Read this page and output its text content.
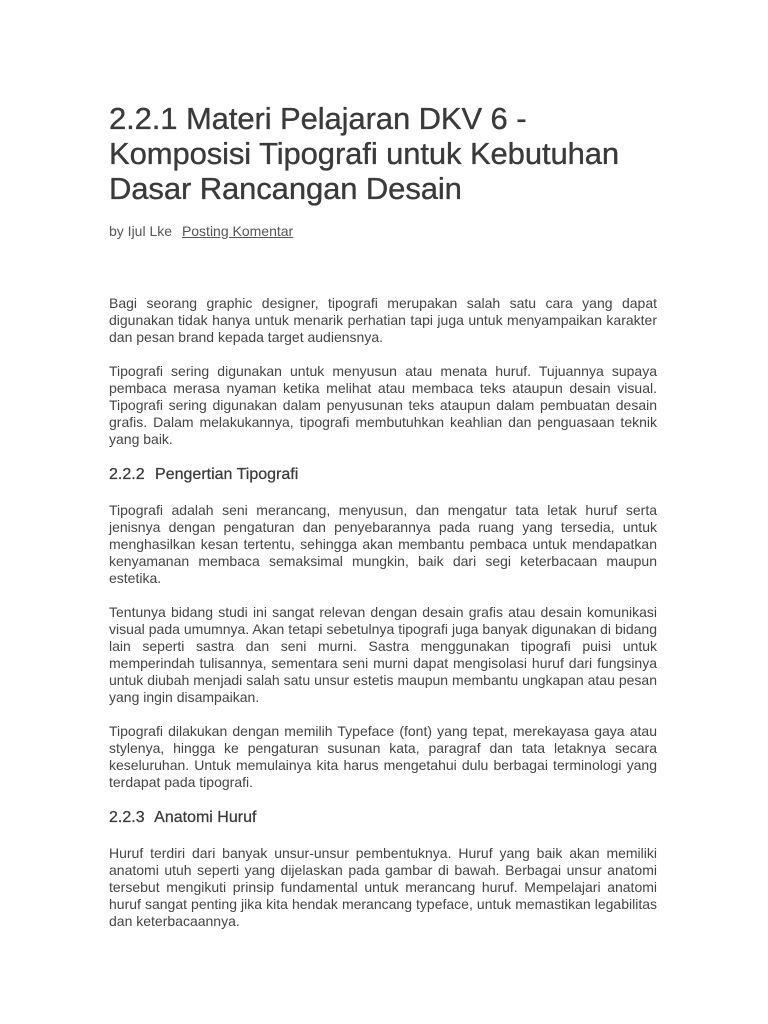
2.2.1 Materi Pelajaran DKV 6 - Komposisi Tipografi untuk Kebutuhan Dasar Rancangan Desain
by Ijul Lke Posting Komentar

Bagi seorang graphic designer, tipografi merupakan salah satu cara yang dapat digunakan tidak hanya untuk menarik perhatian tapi juga untuk menyampaikan karakter dan pesan brand kepada target audiensnya.

Tipografi sering digunakan untuk menyusun atau menata huruf. Tujuannya supaya pembaca merasa nyaman ketika melihat atau membaca teks ataupun desain visual. Tipografi sering digunakan dalam penyusunan teks ataupun dalam pembuatan desain grafis. Dalam melakukannya, tipografi membutuhkan keahlian dan penguasaan teknik yang baik.

2.2.2 Pengertian Tipografi

Tipografi adalah seni merancang, menyusun, dan mengatur tata letak huruf serta jenisnya dengan pengaturan dan penyebarannya pada ruang yang tersedia, untuk menghasilkan kesan tertentu, sehingga akan membantu pembaca untuk mendapatkan kenyamanan membaca semaksimal mungkin, baik dari segi keterbacaan maupun estetika.

Tentunya bidang studi ini sangat relevan dengan desain grafis atau desain komunikasi visual pada umumnya. Akan tetapi sebetulnya tipografi juga banyak digunakan di bidang lain seperti sastra dan seni murni. Sastra menggunakan tipografi puisi untuk memperindah tulisannya, sementara seni murni dapat mengisolasi huruf dari fungsinya untuk diubah menjadi salah satu unsur estetis maupun membantu ungkapan atau pesan yang ingin disampaikan.

Tipografi dilakukan dengan memilih Typeface (font) yang tepat, merekayasa gaya atau stylenya, hingga ke pengaturan susunan kata, paragraf dan tata letaknya secara keseluruhan. Untuk memulainya kita harus mengetahui dulu berbagai terminologi yang terdapat pada tipografi.

2.2.3 Anatomi Huruf

Huruf terdiri dari banyak unsur-unsur pembentuknya. Huruf yang baik akan memiliki anatomi utuh seperti yang dijelaskan pada gambar di bawah. Berbagai unsur anatomi tersebut mengikuti prinsip fundamental untuk merancang huruf. Mempelajari anatomi huruf sangat penting jika kita hendak merancang typeface, untuk memastikan legabilitas dan keterbacaannya.
